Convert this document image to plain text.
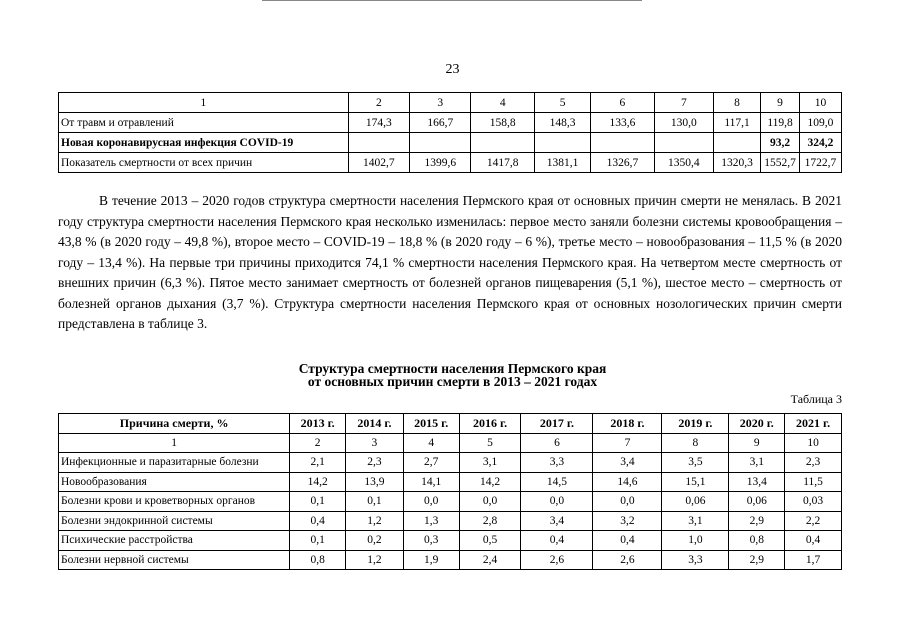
23
1	2	3	4	5	6	7	8	9	10
От травм и отравлений	174,3	166,7	158,8	148,3	133,6	130,0	117,1	119,8	109,0
Новая коронавирусная инфекция COVID-19								93,2	324,2
Показатель смертности от всех причин	1402,7	1399,6	1417,8	1381,1	1326,7	1350,4	1320,3	1552,7	1722,7

В течение 2013 – 2020 годов структура смертности населения Пермского края от основных причин смерти не менялась. В 2021 году структура смертности населения Пермского края несколько изменилась: первое место заняли болезни системы кровообращения – 43,8 % (в 2020 году – 49,8 %), второе место – COVID-19 – 18,8 % (в 2020 году – 6 %), третье место – новообразования – 11,5 % (в 2020 году – 13,4 %). На первые три причины приходится 74,1 % смертности населения Пермского края. На четвертом месте смертность от внешних причин (6,3 %). Пятое место занимает смертность от болезней органов пищеварения (5,1 %), шестое место – смертность от болезней органов дыхания (3,7 %). Структура смертности населения Пермского края от основных нозологических причин смерти представлена в таблице 3.

Структура смертности населения Пермского края
от основных причин смерти в 2013 – 2021 годах
Таблица 3
Причина смерти, %	2013 г.	2014 г.	2015 г.	2016 г.	2017 г.	2018 г.	2019 г.	2020 г.	2021 г.
1	2	3	4	5	6	7	8	9	10
Инфекционные и паразитарные болезни	2,1	2,3	2,7	3,1	3,3	3,4	3,5	3,1	2,3
Новообразования	14,2	13,9	14,1	14,2	14,5	14,6	15,1	13,4	11,5
Болезни крови и кроветворных органов	0,1	0,1	0,0	0,0	0,0	0,0	0,06	0,06	0,03
Болезни эндокринной системы	0,4	1,2	1,3	2,8	3,4	3,2	3,1	2,9	2,2
Психические расстройства	0,1	0,2	0,3	0,5	0,4	0,4	1,0	0,8	0,4
Болезни нервной системы	0,8	1,2	1,9	2,4	2,6	2,6	3,3	2,9	1,7
